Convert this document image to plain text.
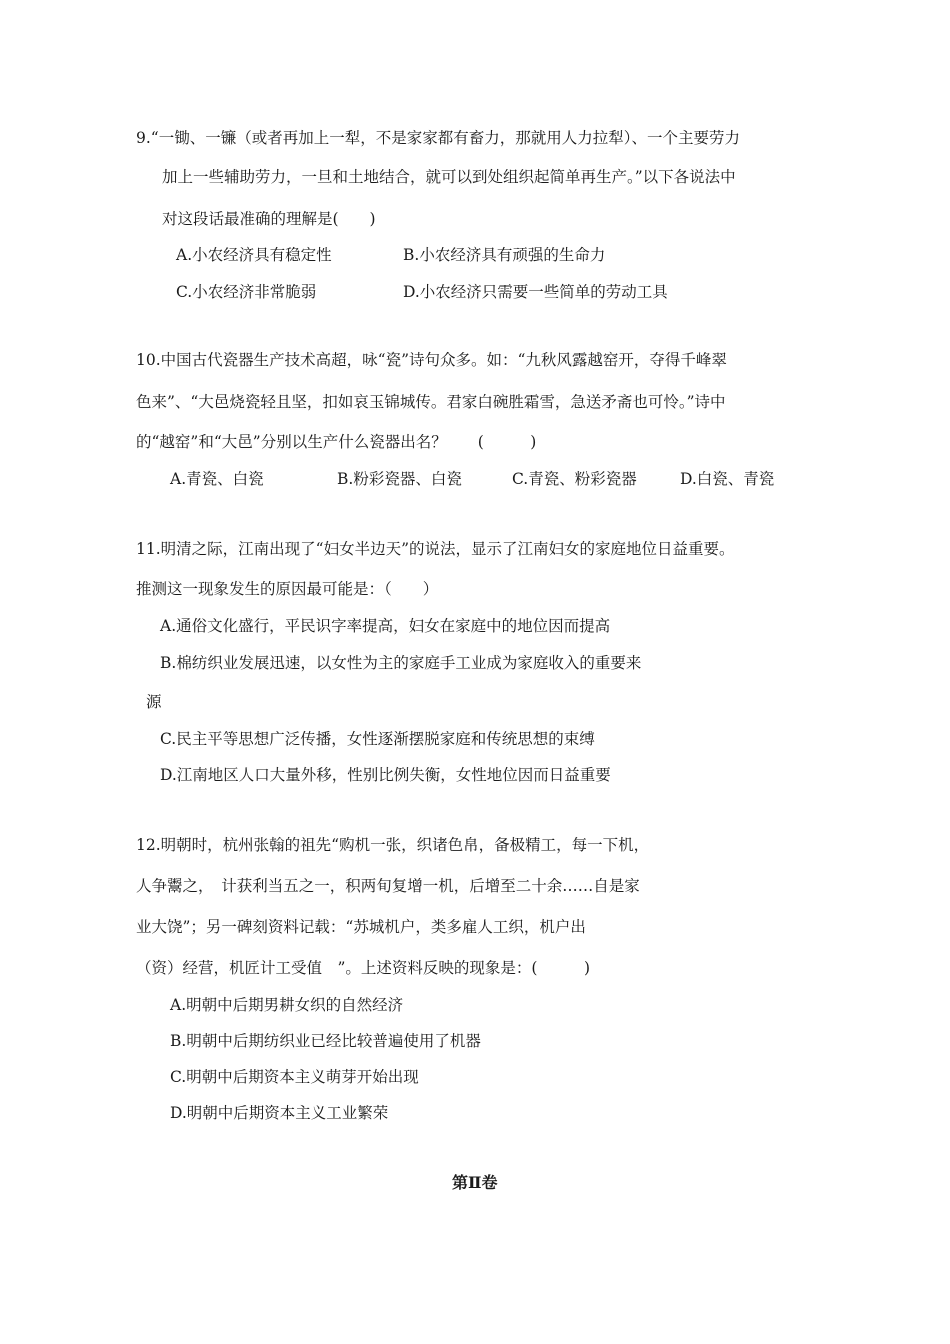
9.“一锄、一镰（或者再加上一犁，不是家家都有畜力，那就用人力拉犁）、一个主要劳力
加上一些辅助劳力，一旦和土地结合，就可以到处组织起简单再生产。”以下各说法中
对这段话最准确的理解是(　　)
A.小农经济具有稳定性	B.小农经济具有顽强的生命力
C.小农经济非常脆弱	D.小农经济只需要一些简单的劳动工具
10.中国古代瓷器生产技术高超，咏“瓷”诗句众多。如：“九秋风露越窑开，夺得千峰翠
色来”、“大邑烧瓷轻且坚，扣如哀玉锦城传。君家白碗胜霜雪，急送矛斋也可怜。”诗中
的“越窑”和“大邑”分别以生产什么瓷器出名？　　(　　　)
A.青瓷、白瓷	B.粉彩瓷器、白瓷	C.青瓷、粉彩瓷器	D.白瓷、青瓷
11.明清之际，江南出现了“妇女半边天”的说法，显示了江南妇女的家庭地位日益重要。
推测这一现象发生的原因最可能是：（　　）
A.通俗文化盛行，平民识字率提高，妇女在家庭中的地位因而提高
B.棉纺织业发展迅速，以女性为主的家庭手工业成为家庭收入的重要来
源
C.民主平等思想广泛传播，女性逐渐摆脱家庭和传统思想的束缚
D.江南地区人口大量外移，性别比例失衡，女性地位因而日益重要
12.明朝时，杭州张翰的祖先“购机一张，织诸色帛，备极精工，每一下机，
人争鬻之，　计获利当五之一，积两旬复增一机，后增至二十余……自是家
业大饶”；另一碑刻资料记载：“苏城机户，类多雇人工织，机户出
（资）经营，机匠计工受值　”。上述资料反映的现象是：(　　　)
A.明朝中后期男耕女织的自然经济
B.明朝中后期纺织业已经比较普遍使用了机器
C.明朝中后期资本主义萌芽开始出现
D.明朝中后期资本主义工业繁荣
第Ⅱ卷
